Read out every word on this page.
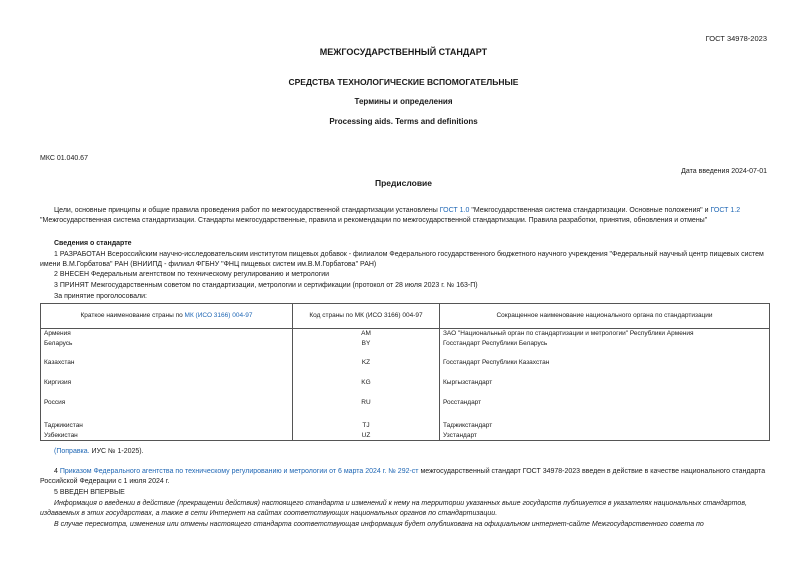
ГОСТ 34978-2023
МЕЖГОСУДАРСТВЕННЫЙ СТАНДАРТ
СРЕДСТВА ТЕХНОЛОГИЧЕСКИЕ ВСПОМОГАТЕЛЬНЫЕ
Термины и определения
Processing aids. Terms and definitions
МКС 01.040.67
Дата введения 2024-07-01
Предисловие
Цели, основные принципы и общие правила проведения работ по межгосударственной стандартизации установлены ГОСТ 1.0 "Межгосударственная система стандартизации. Основные положения" и ГОСТ 1.2 "Межгосударственная система стандартизации. Стандарты межгосударственные, правила и рекомендации по межгосударственной стандартизации. Правила разработки, принятия, обновления и отмены"
Сведения о стандарте
1 РАЗРАБОТАН Всероссийским научно-исследовательским институтом пищевых добавок - филиалом Федерального государственного бюджетного научного учреждения "Федеральный научный центр пищевых систем имени В.М.Горбатова" РАН (ВНИИПД - филиал ФГБНУ "ФНЦ пищевых систем им.В.М.Горбатова" РАН)
2 ВНЕСЕН Федеральным агентством по техническому регулированию и метрологии
3 ПРИНЯТ Межгосударственным советом по стандартизации, метрологии и сертификации (протокол от 28 июля 2023 г. № 163-П)
За принятие проголосовали:
Краткое наименование страны по МК (ИСО 3166) 004-97	Код страны по МК (ИСО 3166) 004-97	Сокращенное наименование национального органа по стандартизации
Армения	AM	ЗАО "Национальный орган по стандартизации и метрологии" Республики Армения
Беларусь	BY	Госстандарт Республики Беларусь
Казахстан	KZ	Госстандарт Республики Казахстан
Киргизия	KG	Кыргызстандарт
Россия	RU	Росстандарт
Таджикистан	TJ	Таджикстандарт
Узбекистан	UZ	Узстандарт
(Поправка. ИУС № 1-2025).
4 Приказом Федерального агентства по техническому регулированию и метрологии от 6 марта 2024 г. № 292-ст межгосударственный стандарт ГОСТ 34978-2023 введен в действие в качестве национального стандарта Российской Федерации с 1 июля 2024 г.
5 ВВЕДЕН ВПЕРВЫЕ
Информация о введении в действие (прекращении действия) настоящего стандарта и изменений к нему на территории указанных выше государств публикуется в указателях национальных стандартов, издаваемых в этих государствах, а также в сети Интернет на сайтах соответствующих национальных органов по стандартизации.
В случае пересмотра, изменения или отмены настоящего стандарта соответствующая информация будет опубликована на официальном интернет-сайте Межгосударственного совета по
